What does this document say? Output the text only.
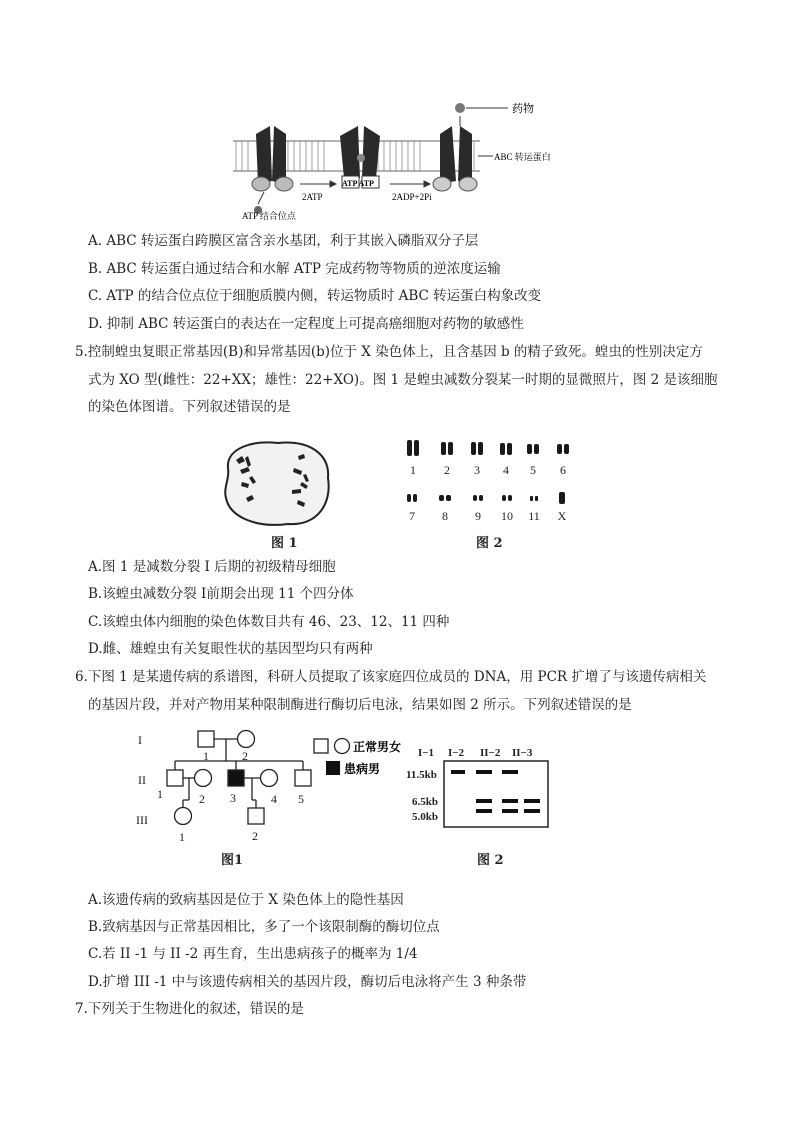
药物
ABC 转运蛋白
2ATP
ATP 结合位点
ATP ATP
2ADP+2Pi
A. ABC 转运蛋白跨膜区富含亲水基团，利于其嵌入磷脂双分子层
B. ABC 转运蛋白通过结合和水解 ATP 完成药物等物质的逆浓度运输
C. ATP 的结合位点位于细胞质膜内侧，转运物质时 ABC 转运蛋白构象改变
D. 抑制 ABC 转运蛋白的表达在一定程度上可提高癌细胞对药物的敏感性
5.控制蝗虫复眼正常基因(B)和异常基因(b)位于 X 染色体上，且含基因 b 的精子致死。蝗虫的性别决定方
式为 XO 型(雌性：22+XX；雄性：22+XO)。图 1 是蝗虫减数分裂某一时期的显微照片，图 2 是该细胞
的染色体图谱。下列叙述错误的是
1 2 3 4 5 6
7 8 9 10 11 X
图 1	图 2
A.图 1 是减数分裂 I 后期的初级精母细胞
B.该蝗虫减数分裂 I前期会出现 11 个四分体
C.该蝗虫体内细胞的染色体数目共有 46、23、12、11 四种
D.雌、雄蝗虫有关复眼性状的基因型均只有两种
6.下图 1 是某遗传病的系谱图，科研人员提取了该家庭四位成员的 DNA，用 PCR 扩增了与该遗传病相关
的基因片段，并对产物用某种限制酶进行酶切后电泳，结果如图 2 所示。下列叙述错误的是
I
II
III
1	2
1	2 3	4 5
1	2
正常男女
患病男
I−1 I−2 II−2 II−3
11.5kb
6.5kb
5.0kb
图1	图 2
A.该遗传病的致病基因是位于 X 染色体上的隐性基因
B.致病基因与正常基因相比，多了一个该限制酶的酶切位点
C.若 II -1 与 II -2 再生育，生出患病孩子的概率为 1/4
D.扩增 III -1 中与该遗传病相关的基因片段，酶切后电泳将产生 3 种条带
7.下列关于生物进化的叙述，错误的是
